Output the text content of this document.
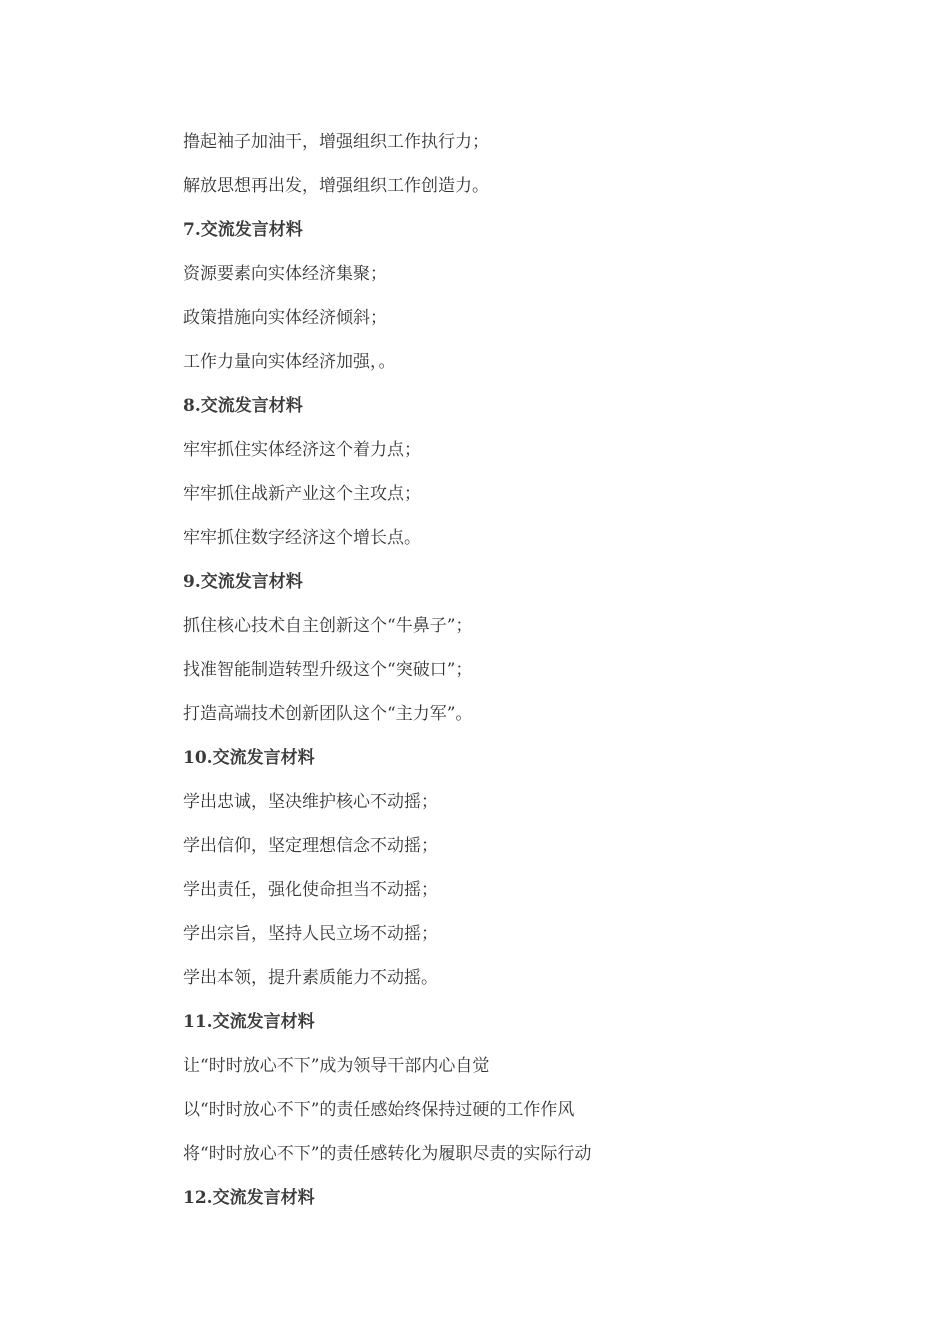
撸起袖子加油干，增强组织工作执行力；
解放思想再出发，增强组织工作创造力。
7.交流发言材料
资源要素向实体经济集聚；
政策措施向实体经济倾斜；
工作力量向实体经济加强，。
8.交流发言材料
牢牢抓住实体经济这个着力点；
牢牢抓住战新产业这个主攻点；
牢牢抓住数字经济这个增长点。
9.交流发言材料
抓住核心技术自主创新这个“牛鼻子”；
找准智能制造转型升级这个“突破口”；
打造高端技术创新团队这个“主力军”。
10.交流发言材料
学出忠诚，坚决维护核心不动摇；
学出信仰，坚定理想信念不动摇；
学出责任，强化使命担当不动摇；
学出宗旨，坚持人民立场不动摇；
学出本领，提升素质能力不动摇。
11.交流发言材料
让“时时放心不下”成为领导干部内心自觉
以“时时放心不下”的责任感始终保持过硬的工作作风
将“时时放心不下”的责任感转化为履职尽责的实际行动
12.交流发言材料
